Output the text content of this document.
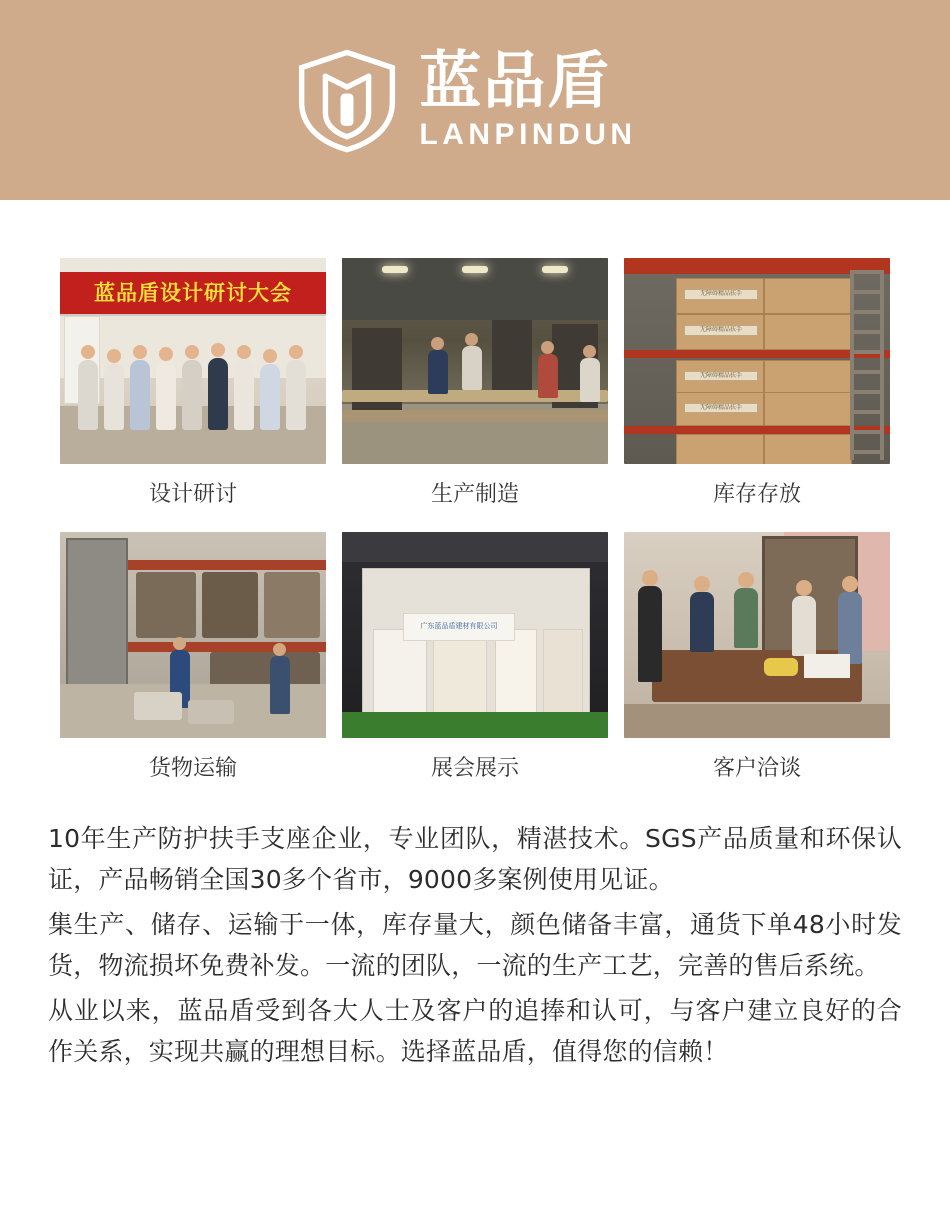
蓝品盾
LANPINDUN
蓝品盾设计研讨大会
设计研讨	生产制造
无障碍精品扶手
无障碍精品扶手
无障碍精品扶手
无障碍精品扶手
库存存放
货物运输
广东蓝品盾建材有限公司
展会展示	客户洽谈

10年生产防护扶手支座企业，专业团队，精湛技术。SGS产品质量和环保认证，产品畅销全国30多个省市，9000多案例使用见证。

集生产、储存、运输于一体，库存量大，颜色储备丰富，通货下单48小时发货，物流损坏免费补发。一流的团队，一流的生产工艺，完善的售后系统。

从业以来，蓝品盾受到各大人士及客户的追捧和认可，与客户建立良好的合作关系，实现共赢的理想目标。选择蓝品盾，值得您的信赖！
